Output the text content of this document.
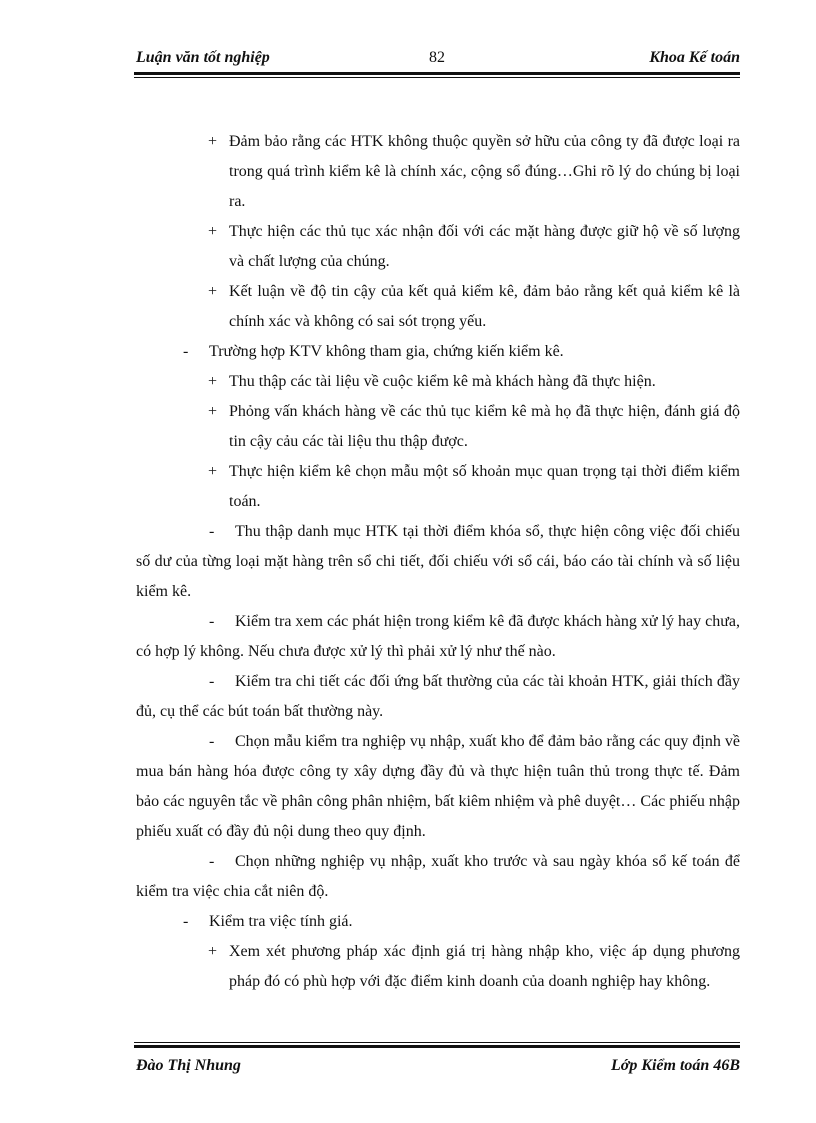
Luận văn tốt nghiệp	82	Khoa Kế toán

+ Đảm bảo rằng các HTK không thuộc quyền sở hữu của công ty đã được loại ra trong quá trình kiểm kê là chính xác, cộng sổ đúng…Ghi rõ lý do chúng bị loại ra.

+ Thực hiện các thủ tục xác nhận đối với các mặt hàng được giữ hộ về số lượng và chất lượng của chúng.

+ Kết luận về độ tin cậy của kết quả kiểm kê, đảm bảo rằng kết quả kiểm kê là chính xác và không có sai sót trọng yếu.

- Trường hợp KTV không tham gia, chứng kiến kiểm kê.

+ Thu thập các tài liệu về cuộc kiểm kê mà khách hàng đã thực hiện.

+ Phỏng vấn khách hàng về các thủ tục kiểm kê mà họ đã thực hiện, đánh giá độ tin cậy cảu các tài liệu thu thập được.

+ Thực hiện kiểm kê chọn mẫu một số khoản mục quan trọng tại thời điểm kiểm toán.

- Thu thập danh mục HTK tại thời điểm khóa sổ, thực hiện công việc đối chiếu số dư của từng loại mặt hàng trên sổ chi tiết, đối chiếu với sổ cái, báo cáo tài chính và số liệu kiểm kê.

- Kiểm tra xem các phát hiện trong kiểm kê đã được khách hàng xử lý hay chưa, có hợp lý không. Nếu chưa được xử lý thì phải xử lý như thế nào.

- Kiểm tra chi tiết các đối ứng bất thường của các tài khoản HTK, giải thích đầy đủ, cụ thể các bút toán bất thường này.

- Chọn mẫu kiểm tra nghiệp vụ nhập, xuất kho để đảm bảo rằng các quy định về mua bán hàng hóa được công ty xây dựng đầy đủ và thực hiện tuân thủ trong thực tế. Đảm bảo các nguyên tắc về phân công phân nhiệm, bất kiêm nhiệm và phê duyệt… Các phiếu nhập phiếu xuất có đầy đủ nội dung theo quy định.

- Chọn những nghiệp vụ nhập, xuất kho trước và sau ngày khóa sổ kế toán để kiểm tra việc chia cắt niên độ.

- Kiểm tra việc tính giá.

+ Xem xét phương pháp xác định giá trị hàng nhập kho, việc áp dụng phương pháp đó có phù hợp với đặc điểm kinh doanh của doanh nghiệp hay không.

Đào Thị Nhung	Lớp Kiểm toán 46B
